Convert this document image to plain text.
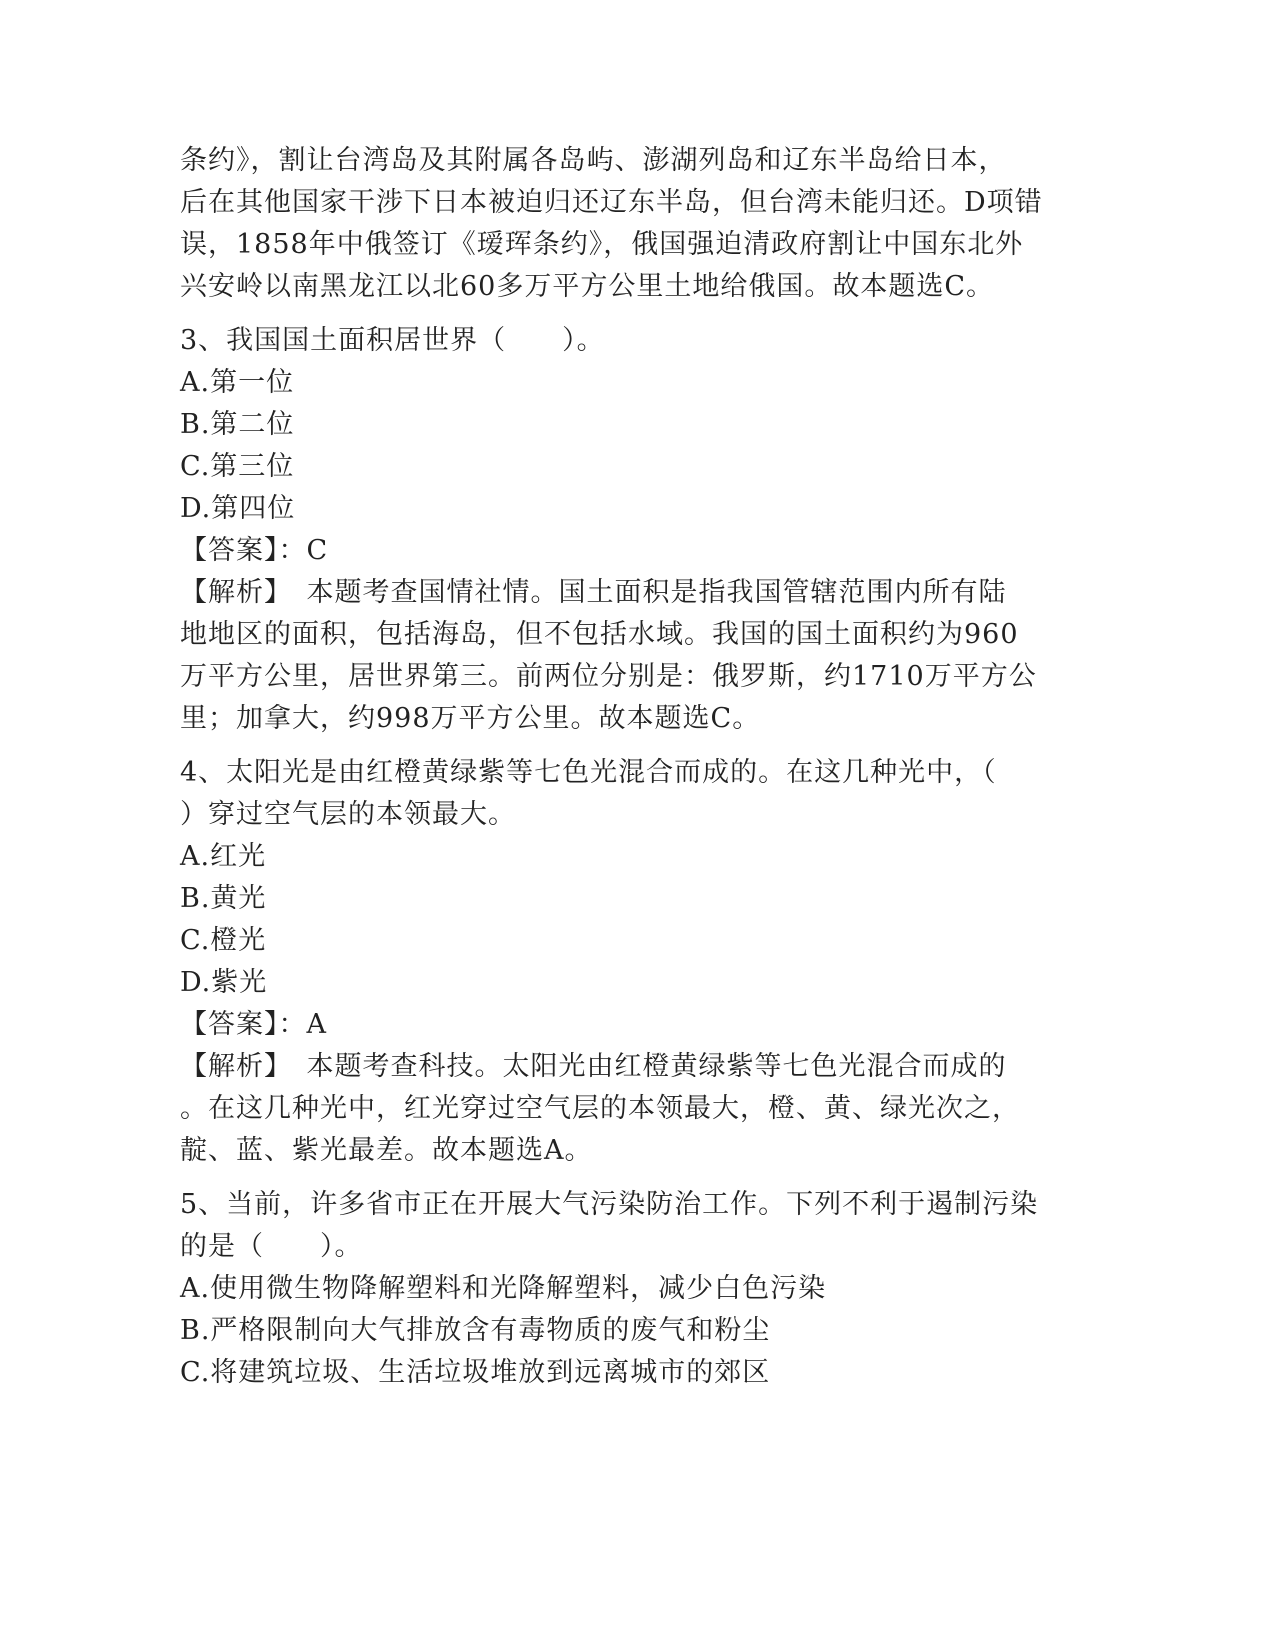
条约》，割让台湾岛及其附属各岛屿、澎湖列岛和辽东半岛给日本，
后在其他国家干涉下日本被迫归还辽东半岛，但台湾未能归还。D项错
误，1858年中俄签订《瑷珲条约》，俄国强迫清政府割让中国东北外
兴安岭以南黑龙江以北60多万平方公里土地给俄国。故本题选C。
3、我国国土面积居世界（　　）。
A.第一位
B.第二位
C.第三位
D.第四位
【答案】：C
【解析】　本题考查国情社情。国土面积是指我国管辖范围内所有陆
地地区的面积，包括海岛，但不包括水域。我国的国土面积约为960
万平方公里，居世界第三。前两位分别是：俄罗斯，约1710万平方公
里；加拿大，约998万平方公里。故本题选C。
4、太阳光是由红橙黄绿紫等七色光混合而成的。在这几种光中，（
）穿过空气层的本领最大。
A.红光
B.黄光
C.橙光
D.紫光
【答案】：A
【解析】　本题考查科技。太阳光由红橙黄绿紫等七色光混合而成的
。在这几种光中，红光穿过空气层的本领最大，橙、黄、绿光次之，
靛、蓝、紫光最差。故本题选A。
5、当前，许多省市正在开展大气污染防治工作。下列不利于遏制污染
的是（　　）。
A.使用微生物降解塑料和光降解塑料，减少白色污染
B.严格限制向大气排放含有毒物质的废气和粉尘
C.将建筑垃圾、生活垃圾堆放到远离城市的郊区
